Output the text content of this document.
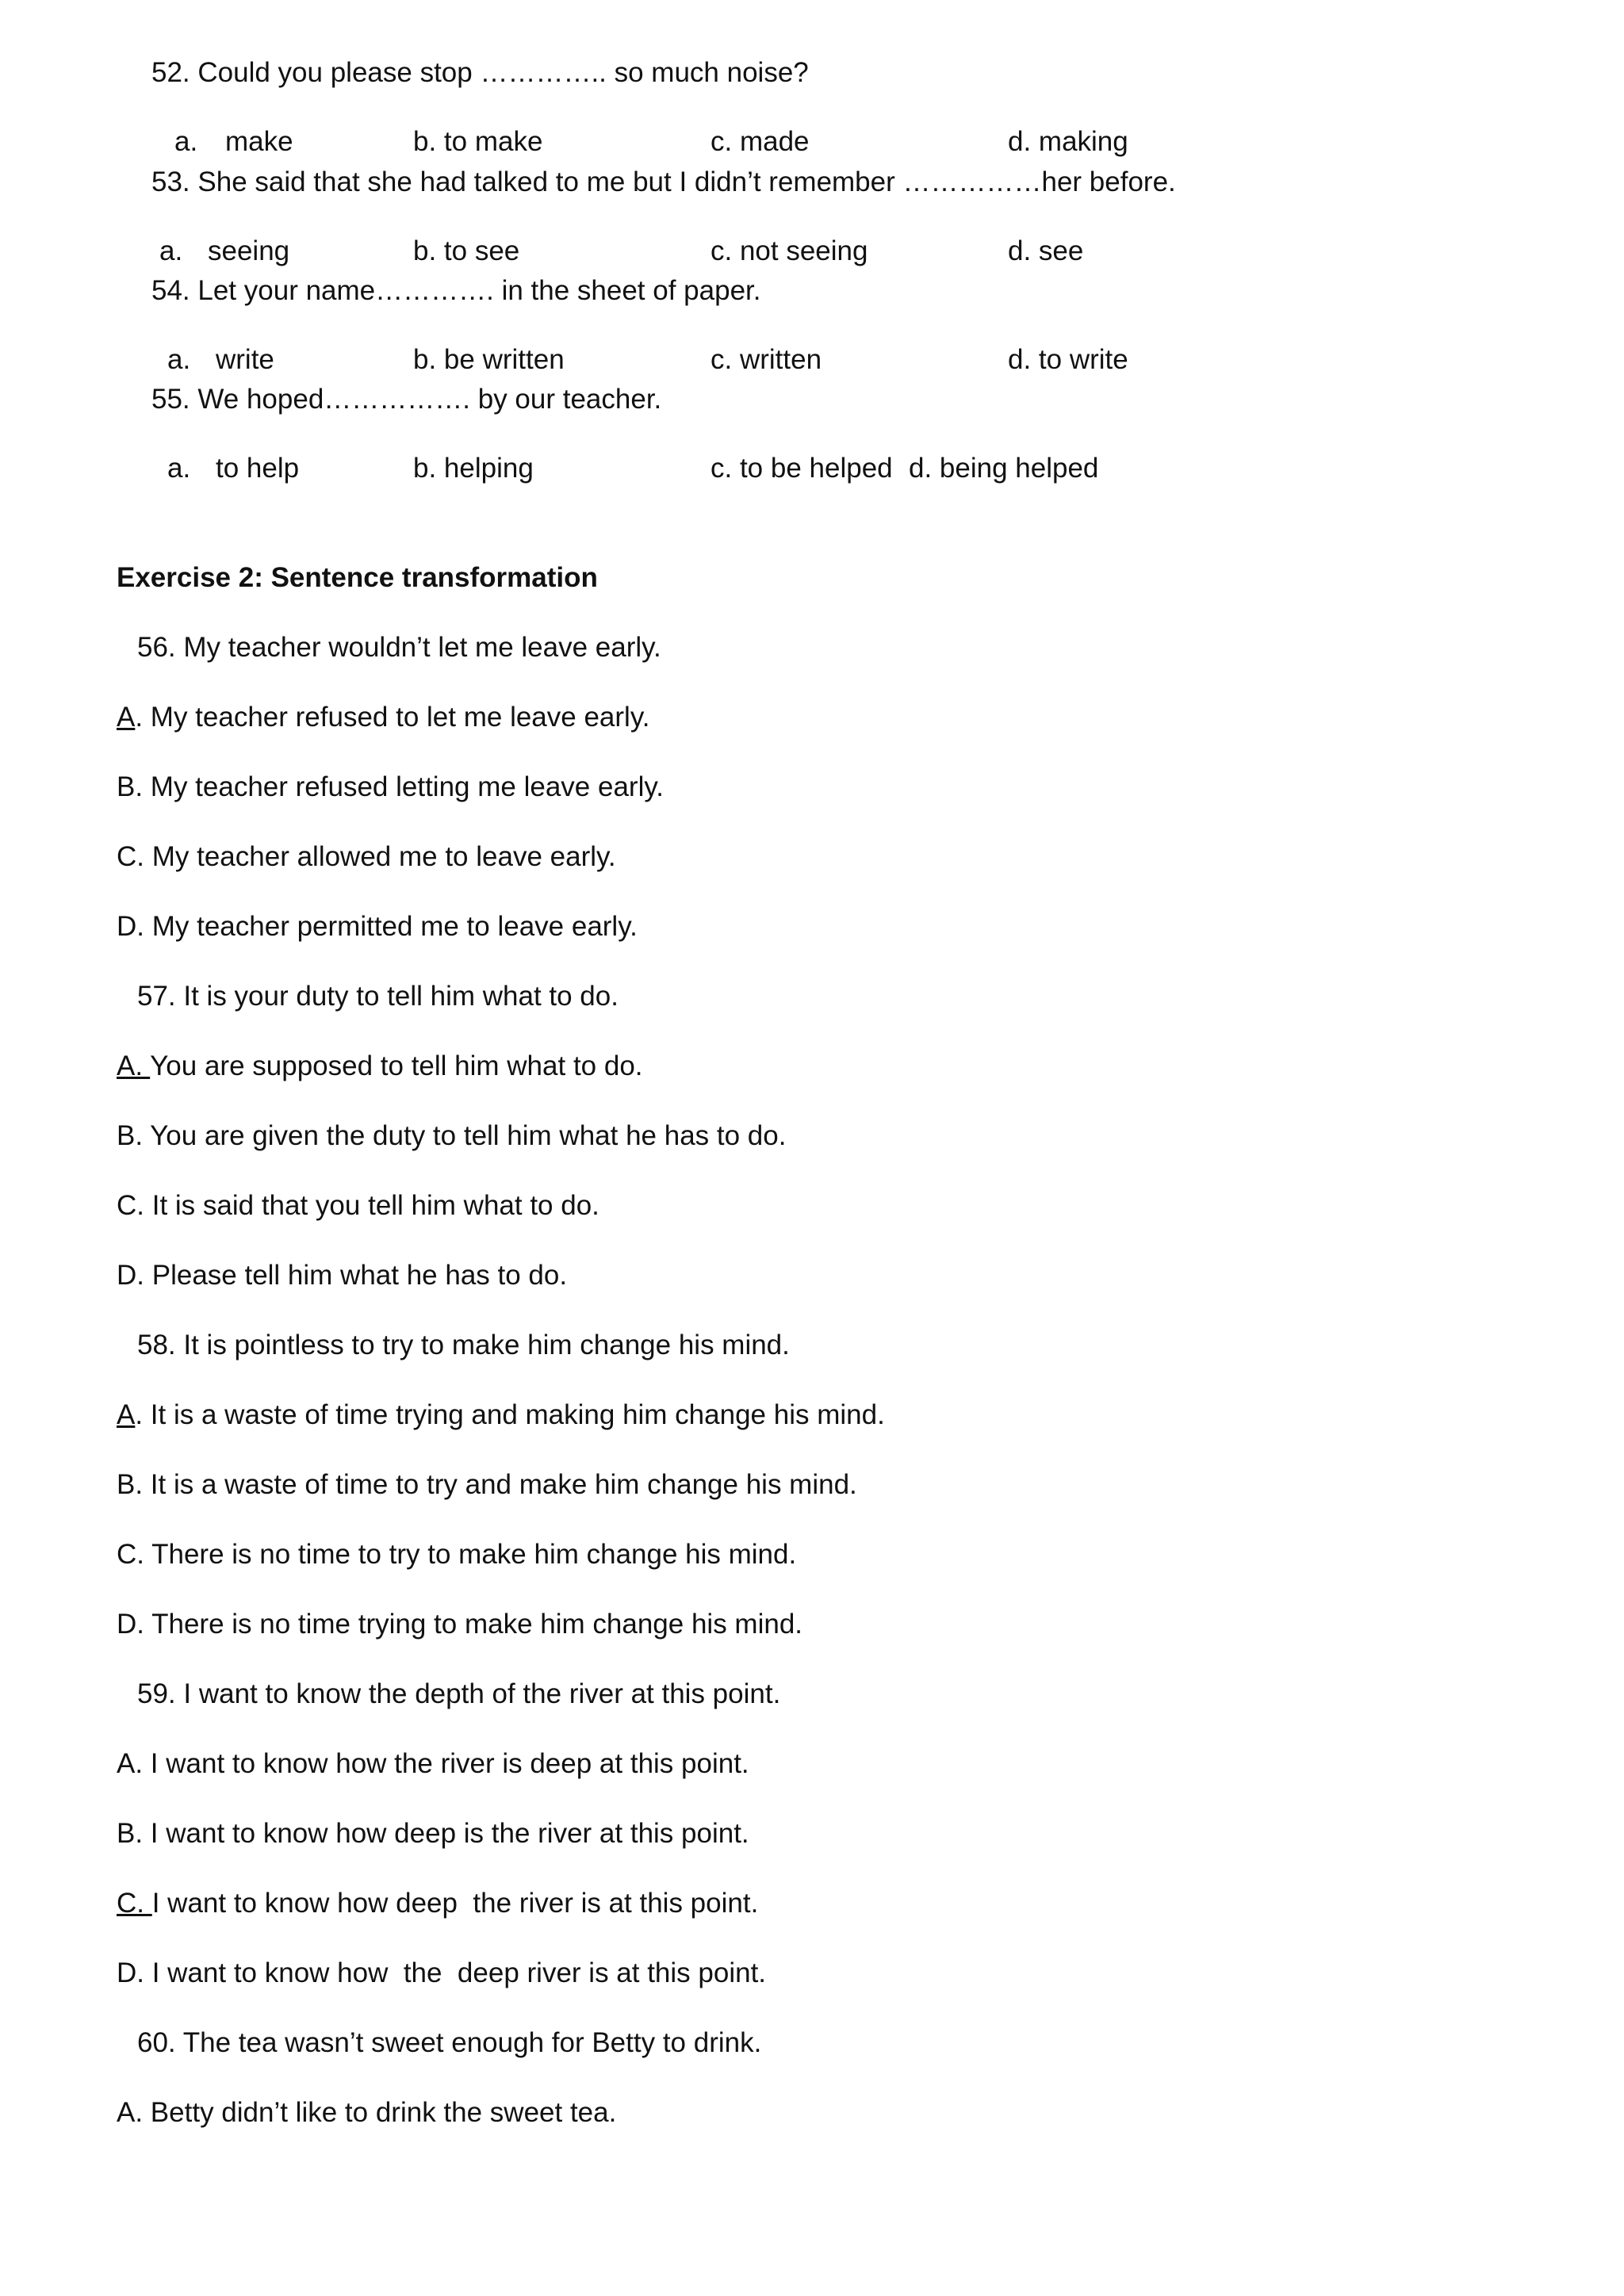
52. Could you please stop ………….. so much noise?
a. make	b. to make	c. made	d. making
53. She said that she had talked to me but I didn’t remember ……………her before.
a. seeing	b. to see	c. not seeing	d. see
54. Let your name…………. in the sheet of paper.
a. write	b. be written	c. written	d. to write
55. We hoped……………. by our teacher.
a. to help	b. helping	c. to be helped d. being helped
Exercise 2: Sentence transformation
56. My teacher wouldn’t let me leave early.
A. My teacher refused to let me leave early.
B. My teacher refused letting me leave early.
C. My teacher allowed me to leave early.
D. My teacher permitted me to leave early.
57. It is your duty to tell him what to do.
A. You are supposed to tell him what to do.
B. You are given the duty to tell him what he has to do.
C. It is said that you tell him what to do.
D. Please tell him what he has to do.
58. It is pointless to try to make him change his mind.
A. It is a waste of time trying and making him change his mind.
B. It is a waste of time to try and make him change his mind.
C. There is no time to try to make him change his mind.
D. There is no time trying to make him change his mind.
59. I want to know the depth of the river at this point.
A. I want to know how the river is deep at this point.
B. I want to know how deep is the river at this point.
C. I want to know how deep  the river is at this point.
D. I want to know how  the  deep river is at this point.
60. The tea wasn’t sweet enough for Betty to drink.
A. Betty didn’t like to drink the sweet tea.
